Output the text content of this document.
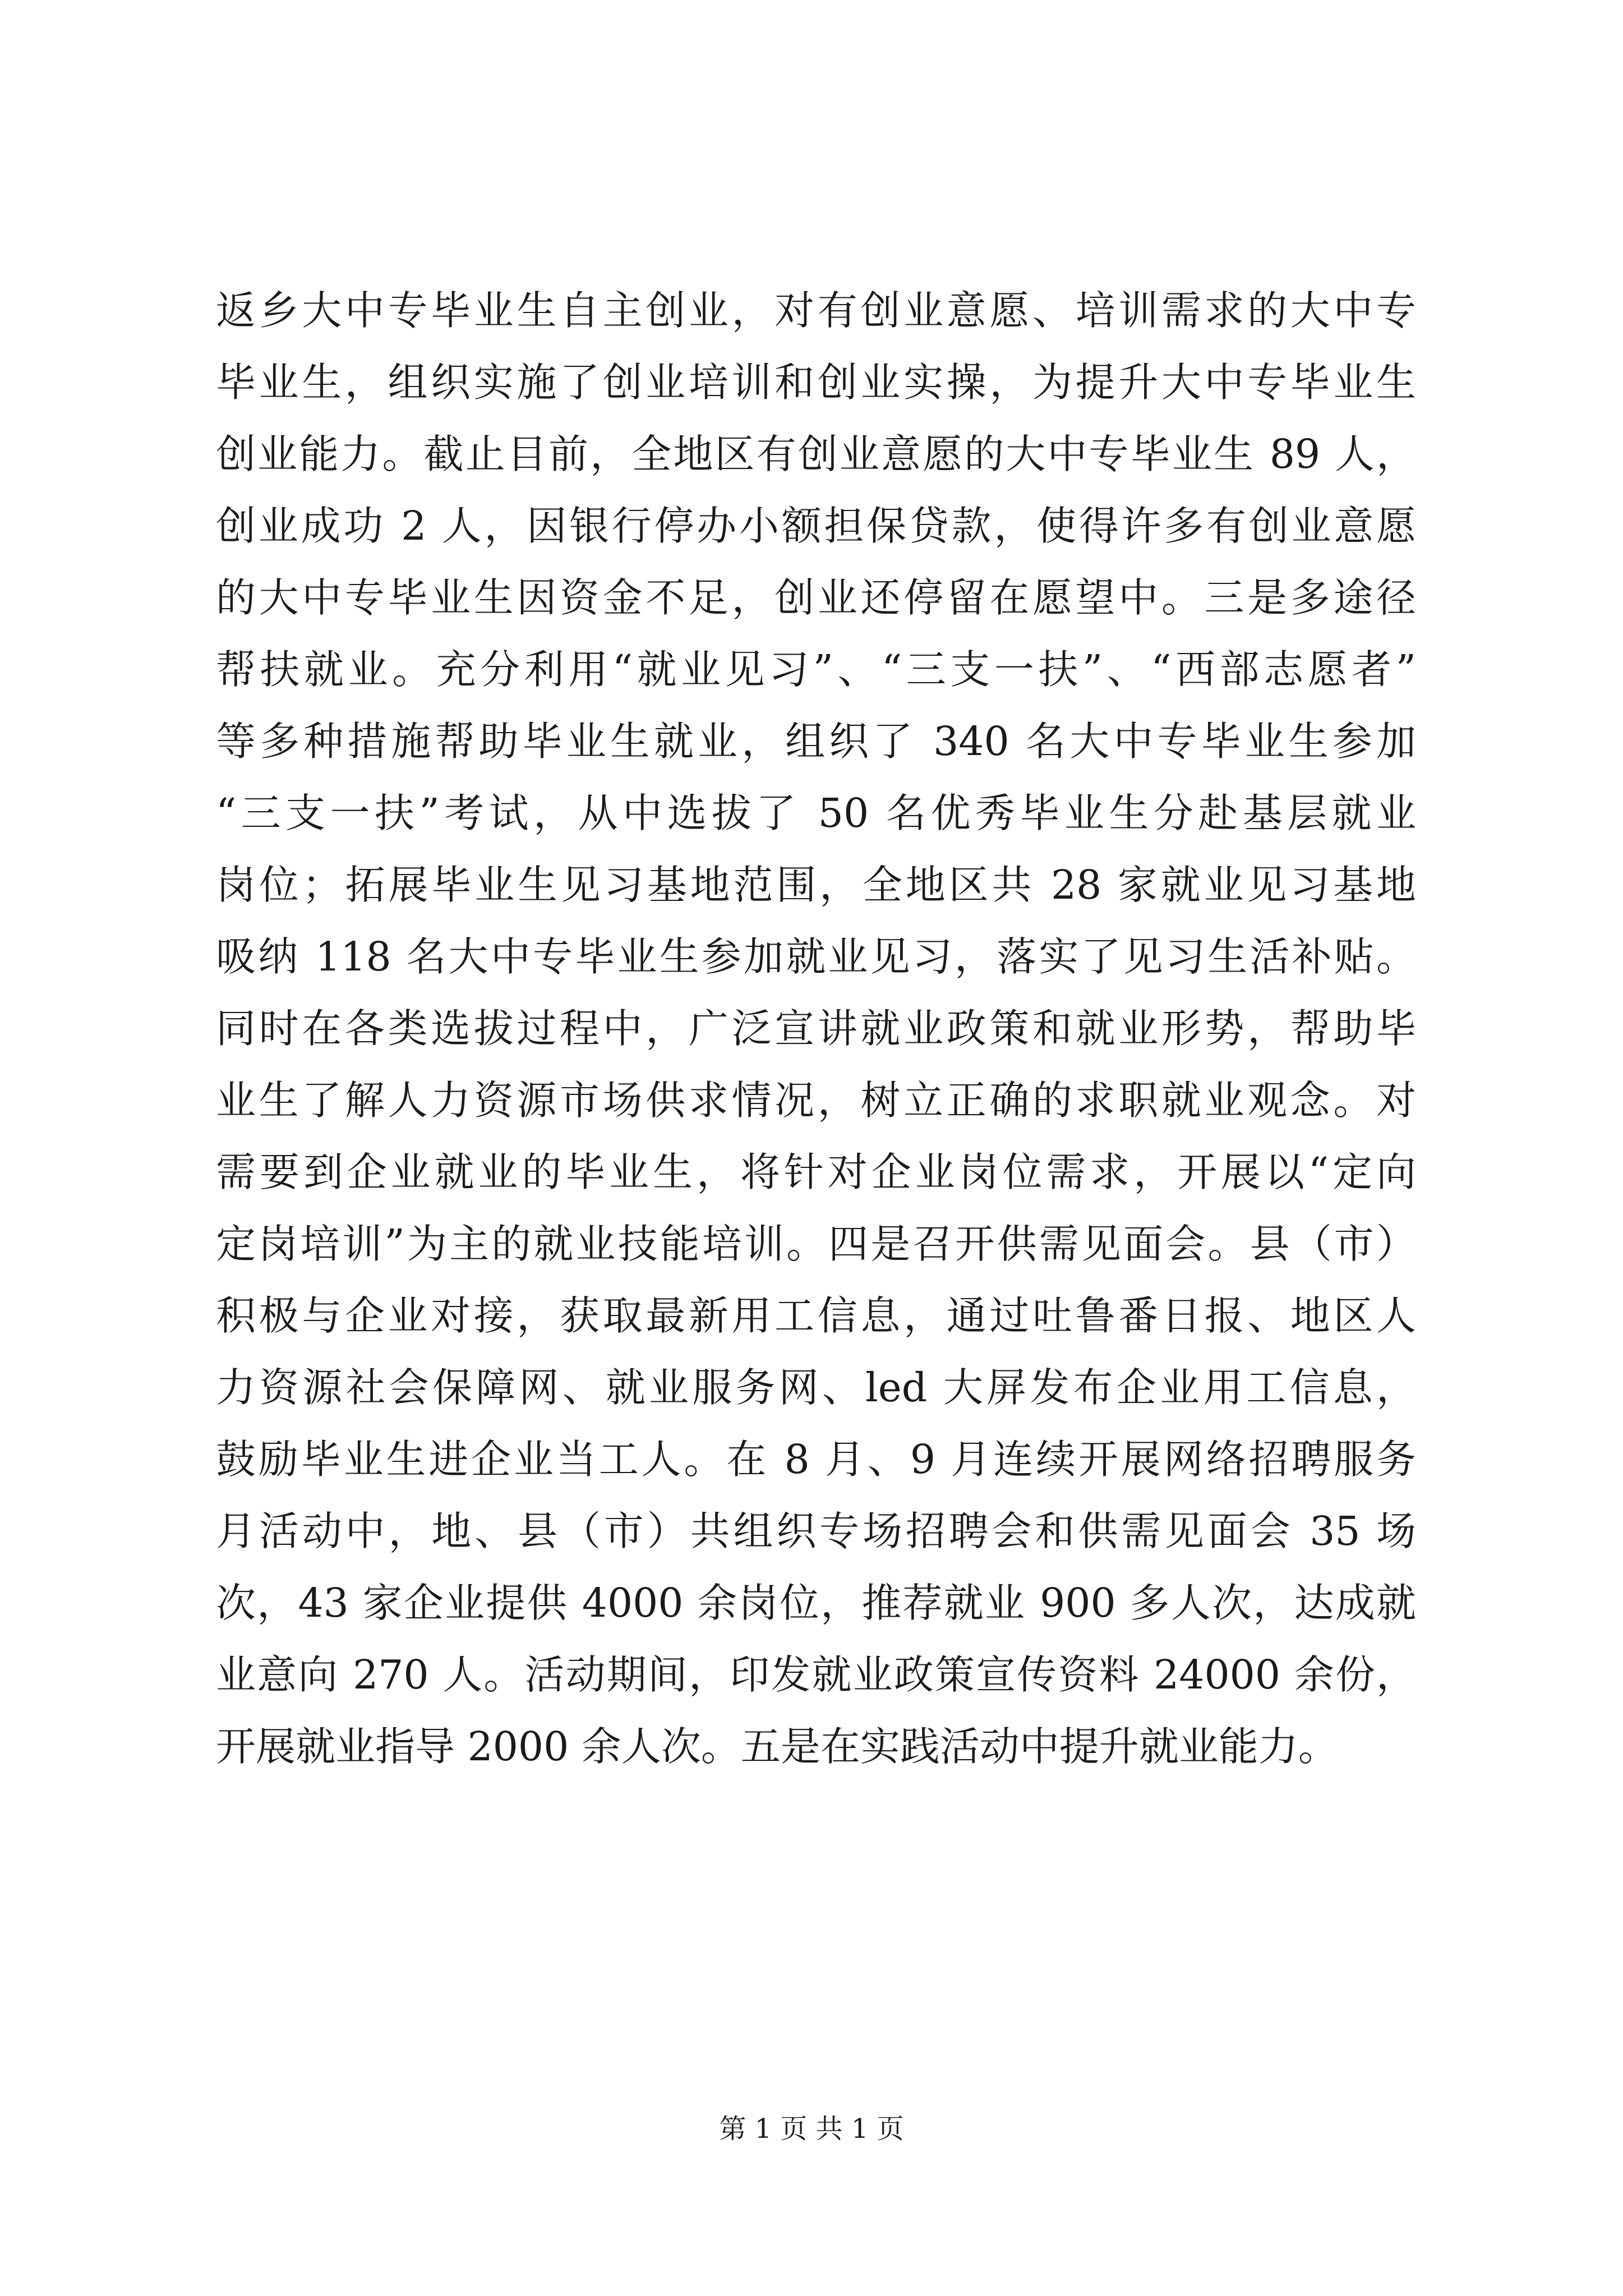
返乡大中专毕业生自主创业，对有创业意愿、培训需求的大中专
毕业生，组织实施了创业培训和创业实操，为提升大中专毕业生
创业能力。截止目前，全地区有创业意愿的大中专毕业生 89 人，
创业成功 2 人，因银行停办小额担保贷款，使得许多有创业意愿
的大中专毕业生因资金不足，创业还停留在愿望中。三是多途径
帮扶就业。充分利用“就业见习”、“三支一扶”、“西部志愿者”
等多种措施帮助毕业生就业，组织了 340 名大中专毕业生参加
“三支一扶”考试，从中选拔了 50 名优秀毕业生分赴基层就业
岗位；拓展毕业生见习基地范围，全地区共 28 家就业见习基地
吸纳 118 名大中专毕业生参加就业见习，落实了见习生活补贴。
同时在各类选拔过程中，广泛宣讲就业政策和就业形势，帮助毕
业生了解人力资源市场供求情况，树立正确的求职就业观念。对
需要到企业就业的毕业生，将针对企业岗位需求，开展以“定向
定岗培训”为主的就业技能培训。四是召开供需见面会。县（市）
积极与企业对接，获取最新用工信息，通过吐鲁番日报、地区人
力资源社会保障网、就业服务网、led 大屏发布企业用工信息，
鼓励毕业生进企业当工人。在 8 月、9 月连续开展网络招聘服务
月活动中，地、县（市）共组织专场招聘会和供需见面会 35 场
次，43 家企业提供 4000 余岗位，推荐就业 900 多人次，达成就
业意向 270 人。活动期间，印发就业政策宣传资料 24000 余份，
开展就业指导 2000 余人次。五是在实践活动中提升就业能力。
第 1 页 共 1 页
